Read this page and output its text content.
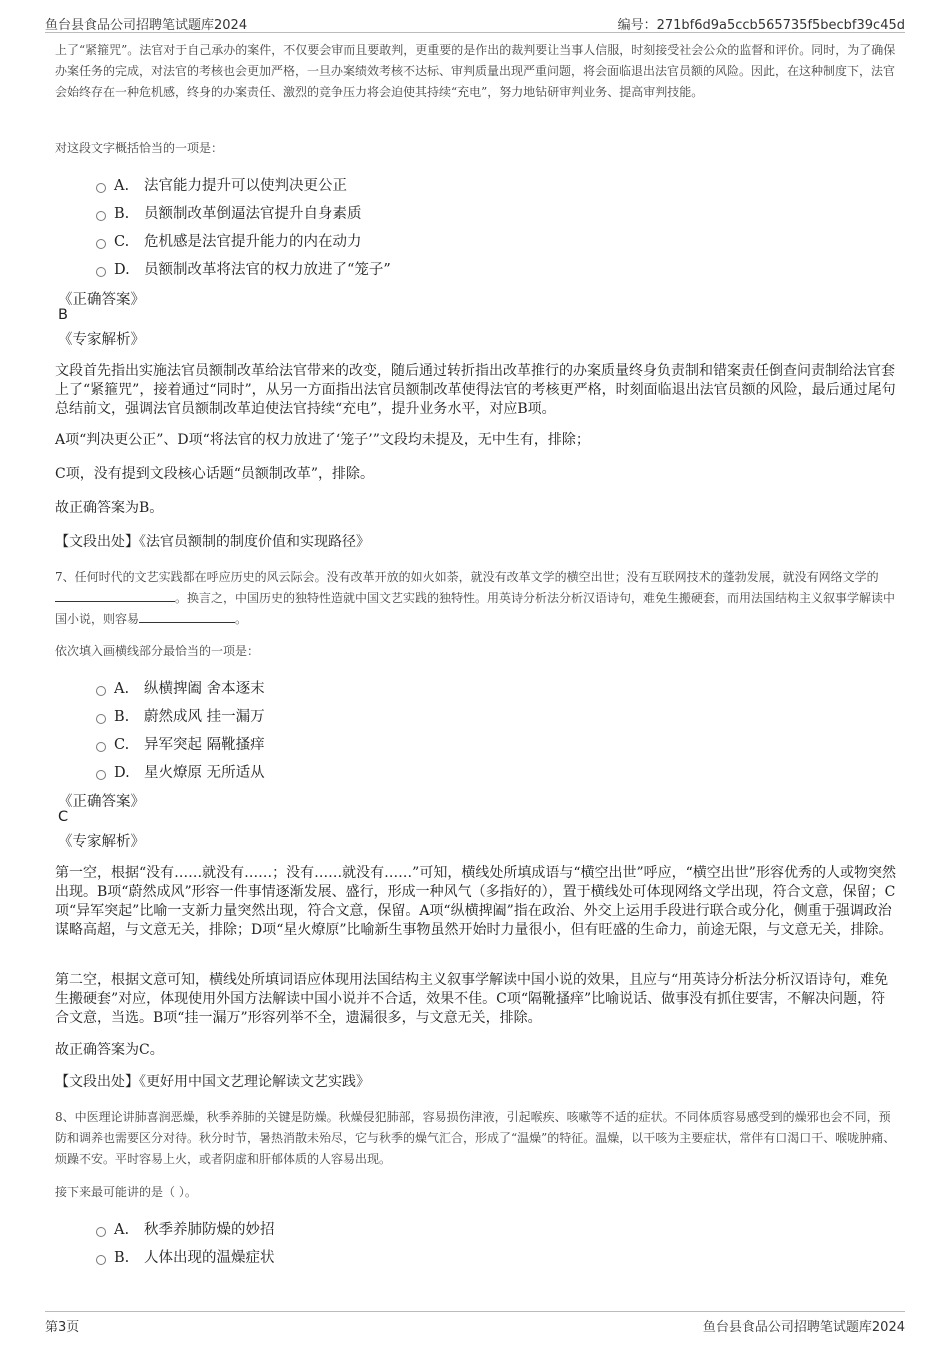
鱼台县食品公司招聘笔试题库2024	编号：271bf6d9a5ccb565735f5becbf39c45d

上了“紧箍咒”。法官对于自己承办的案件，不仅要会审而且要敢判，更重要的是作出的裁判要让当事人信服，时刻接受社会公众的监督和评价。同时，为了确保办案任务的完成，对法官的考核也会更加严格，一旦办案绩效考核不达标、审判质量出现严重问题，将会面临退出法官员额的风险。因此，在这种制度下，法官会始终存在一种危机感，终身的办案责任、激烈的竞争压力将会迫使其持续“充电”，努力地钻研审判业务、提高审判技能。

对这段文字概括恰当的一项是：

A. 法官能力提升可以使判决更公正
B. 员额制改革倒逼法官提升自身素质
C. 危机感是法官提升能力的内在动力
D. 员额制改革将法官的权力放进了“笼子”
《正确答案》
B
《专家解析》

文段首先指出实施法官员额制改革给法官带来的改变，随后通过转折指出改革推行的办案质量终身负责制和错案责任倒查问责制给法官套上了“紧箍咒”，接着通过“同时”，从另一方面指出法官员额制改革使得法官的考核更严格，时刻面临退出法官员额的风险，最后通过尾句总结前文，强调法官员额制改革迫使法官持续“充电”，提升业务水平，对应B项。

A项“判决更公正”、D项“将法官的权力放进了‘笼子’”文段均未提及，无中生有，排除；

C项，没有提到文段核心话题“员额制改革”，排除。

故正确答案为B。

【文段出处】《法官员额制的制度价值和实现路径》

7、任何时代的文艺实践都在呼应历史的风云际会。没有改革开放的如火如荼，就没有改革文学的横空出世；没有互联网技术的蓬勃发展，就没有网络文学的。换言之，中国历史的独特性造就中国文艺实践的独特性。用英诗分析法分析汉语诗句，难免生搬硬套，而用法国结构主义叙事学解读中国小说，则容易	。

依次填入画横线部分最恰当的一项是：

A. 纵横捭阖 舍本逐末
B. 蔚然成风 挂一漏万
C. 异军突起 隔靴搔痒
D. 星火燎原 无所适从
《正确答案》
C
《专家解析》

第一空，根据“没有……就没有……；没有……就没有……”可知，横线处所填成语与“横空出世”呼应，“横空出世”形容优秀的人或物突然出现。B项“蔚然成风”形容一件事情逐渐发展、盛行，形成一种风气（多指好的），置于横线处可体现网络文学出现，符合文意，保留；C项“异军突起”比喻一支新力量突然出现，符合文意，保留。A项“纵横捭阖”指在政治、外交上运用手段进行联合或分化，侧重于强调政治谋略高超，与文意无关，排除；D项“星火燎原”比喻新生事物虽然开始时力量很小，但有旺盛的生命力，前途无限，与文意无关，排除。

第二空，根据文意可知，横线处所填词语应体现用法国结构主义叙事学解读中国小说的效果，且应与“用英诗分析法分析汉语诗句，难免生搬硬套”对应，体现使用外国方法解读中国小说并不合适，效果不佳。C项“隔靴搔痒”比喻说话、做事没有抓住要害，不解决问题，符合文意，当选。B项“挂一漏万”形容列举不全，遗漏很多，与文意无关，排除。

故正确答案为C。

【文段出处】《更好用中国文艺理论解读文艺实践》

8、中医理论讲肺喜润恶燥，秋季养肺的关键是防燥。秋燥侵犯肺部，容易损伤津液，引起喉疾、咳嗽等不适的症状。不同体质容易感受到的燥邪也会不同，预防和调养也需要区分对待。秋分时节，暑热消散未殆尽，它与秋季的燥气汇合，形成了“温燥”的特征。温燥，以干咳为主要症状，常伴有口渴口干、喉咙肿痛、烦躁不安。平时容易上火，或者阴虚和肝郁体质的人容易出现。

接下来最可能讲的是（ ）。

A. 秋季养肺防燥的妙招
B. 人体出现的温燥症状
第3页	鱼台县食品公司招聘笔试题库2024
